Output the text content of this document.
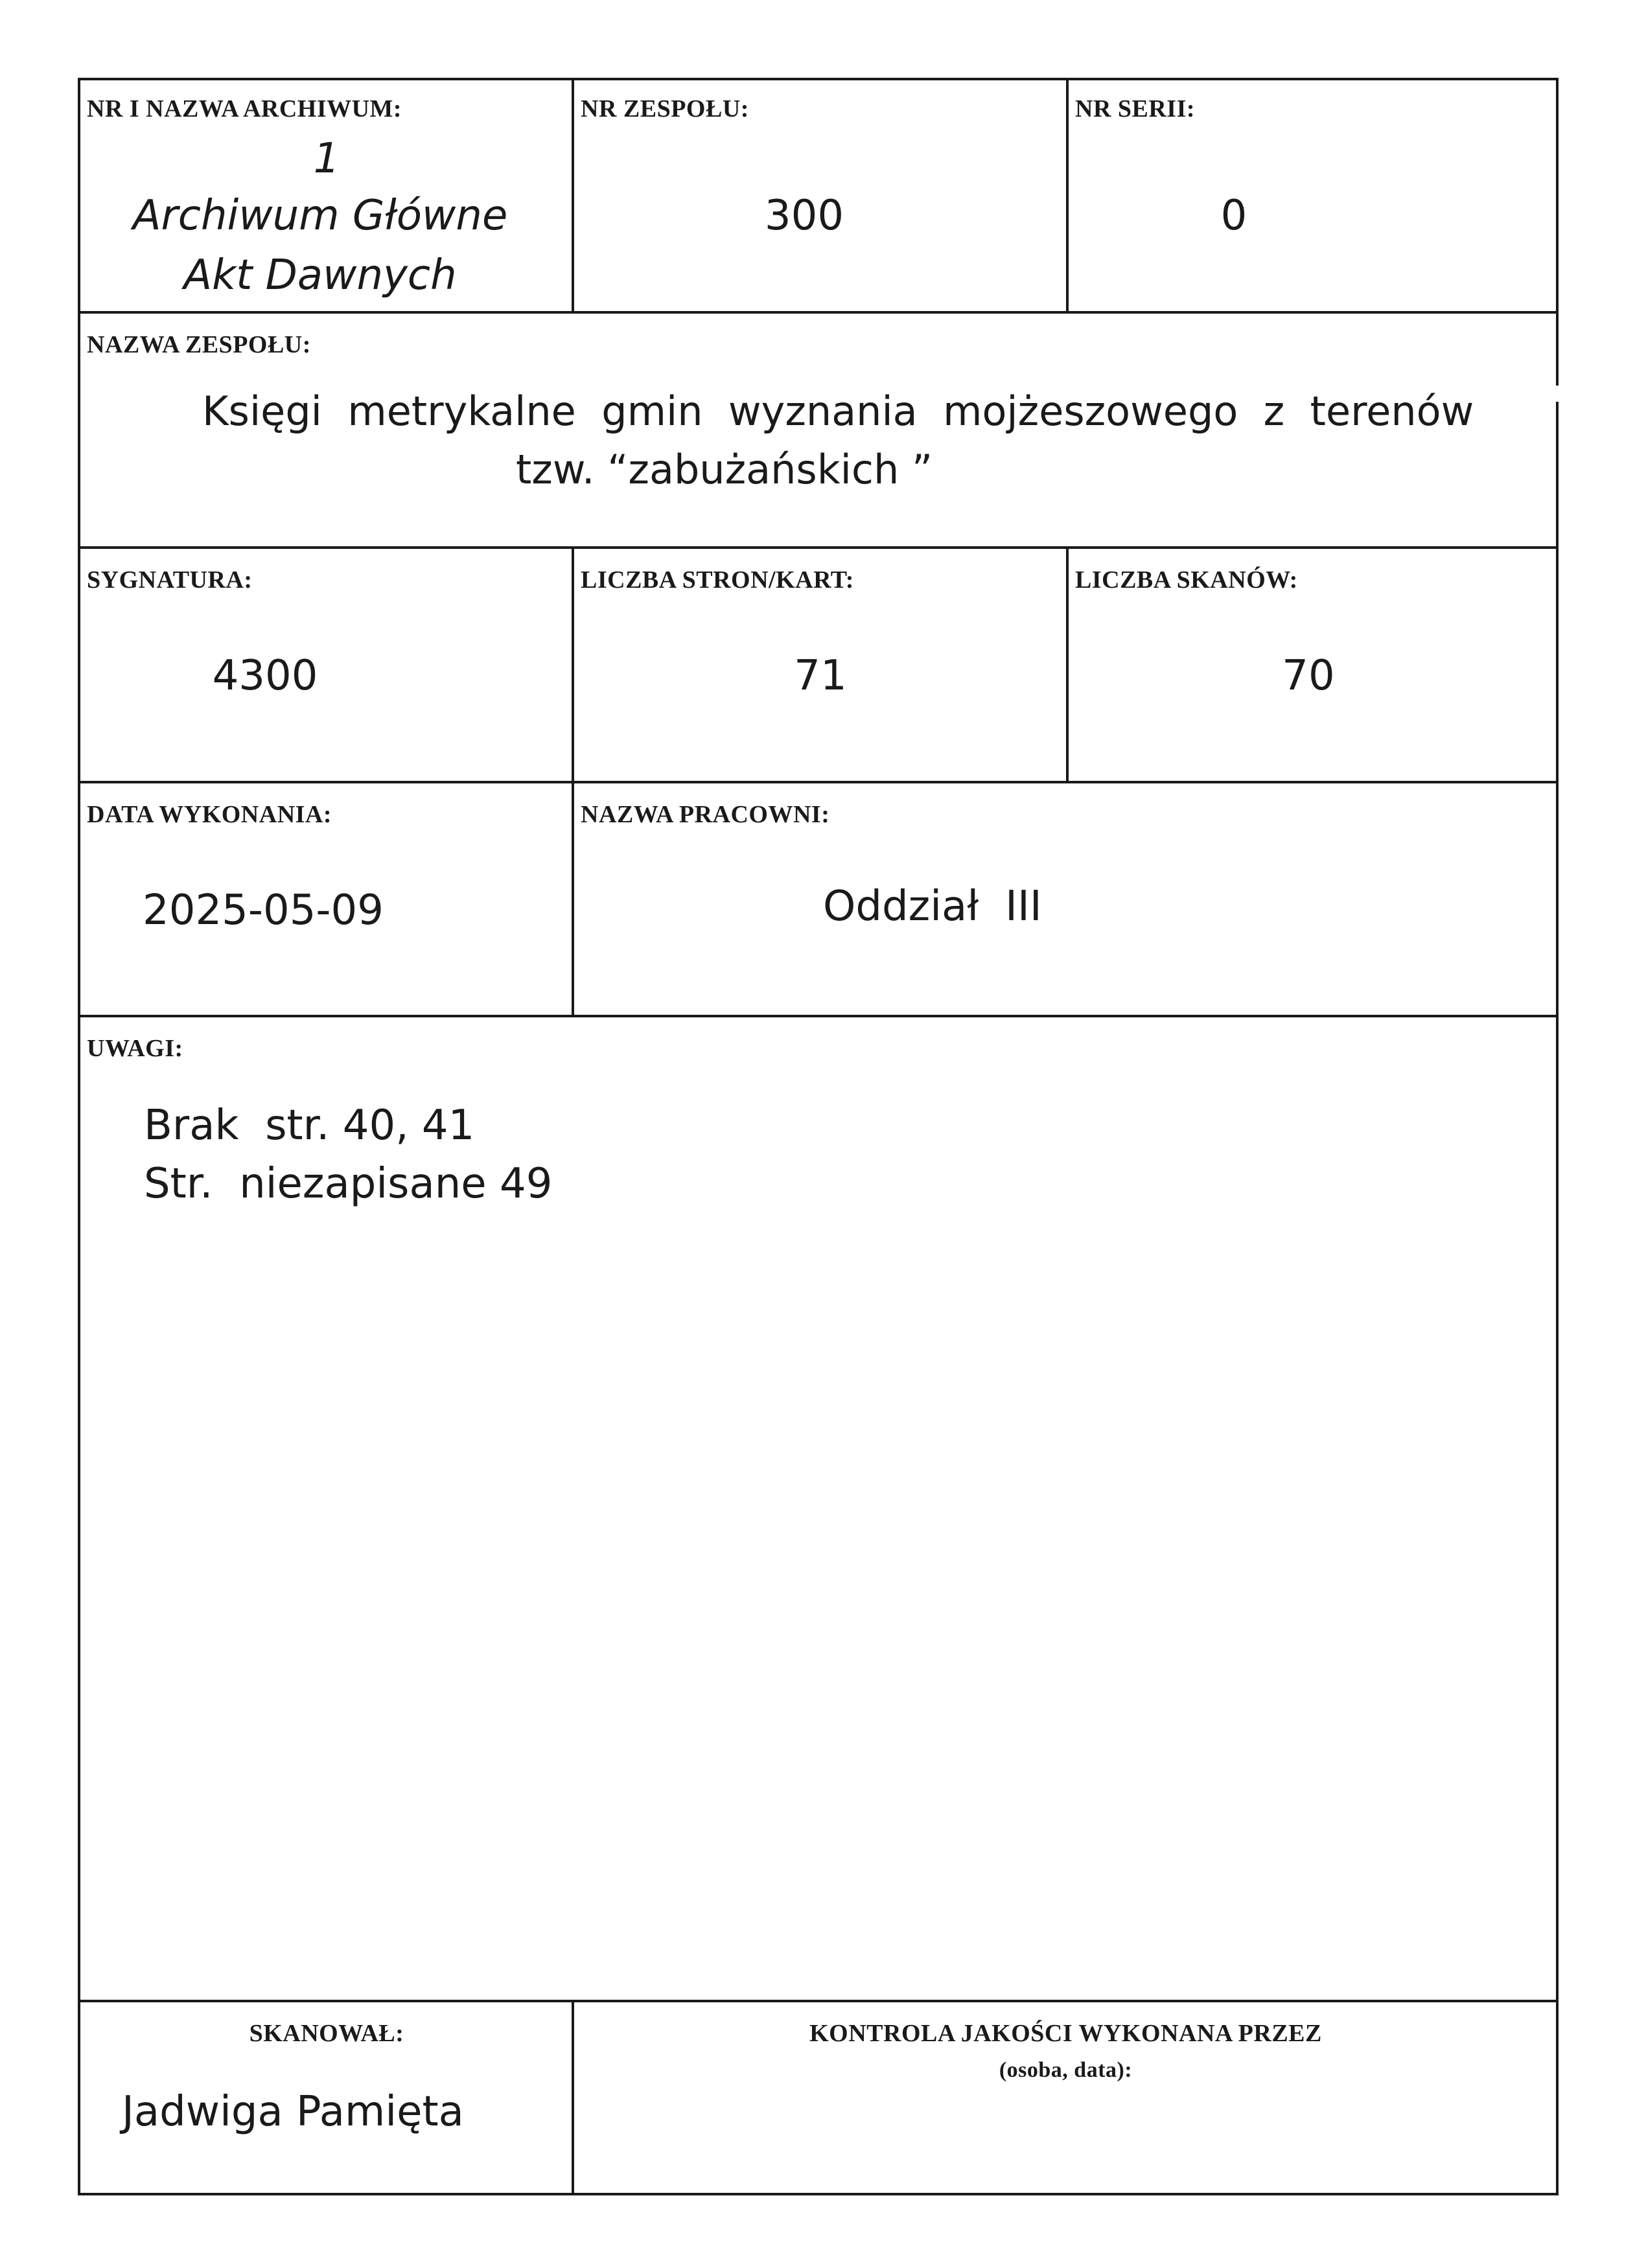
NR I NAZWA ARCHIWUM:
1
Archiwum Główne
Akt Dawnych
NR ZESPOŁU:
300
NR SERII:
0
NAZWA ZESPOŁU:
Księgi  metrykalne  gmin  wyznania  mojżeszowego  z  terenów
tzw. “zabużańskich ”
SYGNATURA:
4300
LICZBA STRON/KART:
71
LICZBA SKANÓW:
70
DATA WYKONANIA:
2025-05-09
NAZWA PRACOWNI:
Oddział  III
UWAGI:
Brak  str. 40, 41
Str.  niezapisane 49
SKANOWAŁ:
Jadwiga Pamięta
KONTROLA JAKOŚCI WYKONANA PRZEZ
(osoba, data):
